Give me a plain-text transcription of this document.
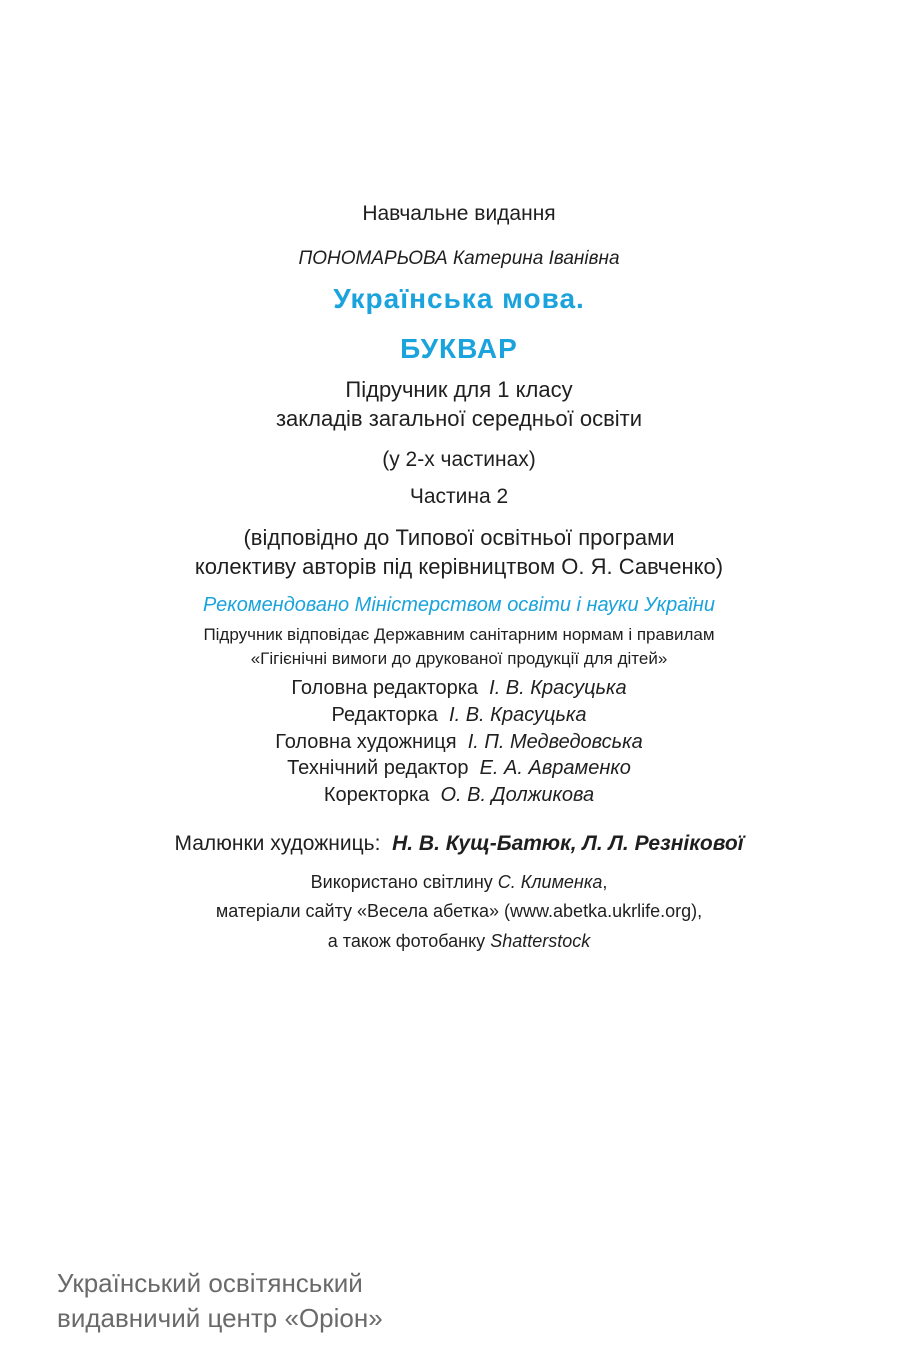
Навчальне видання
ПОНОМАРЬОВА Катерина Іванівна
Українська мова.
БУКВАР
Підручник для 1 класу
закладів загальної середньої освіти
(у 2-х частинах)
Частина 2
(відповідно до Типової освітньої програми
колективу авторів під керівництвом О. Я. Савченко)
Рекомендовано Міністерством освіти і науки України
Підручник відповідає Державним санітарним нормам і правилам
«Гігієнічні вимоги до друкованої продукції для дітей»
Головна редакторка І. В. Красуцька
Редакторка І. В. Красуцька
Головна художниця І. П. Медведовська
Технічний редактор Е. А. Авраменко
Коректорка О. В. Должикова
Малюнки художниць: Н. В. Кущ-Батюк, Л. Л. Резнікової
Використано світлину С. Клименка,
матеріали сайту «Весела абетка» (www.abetka.ukrlife.org),
а також фотобанку Shatterstock
Український освітянський
видавничий центр «Оріон»
